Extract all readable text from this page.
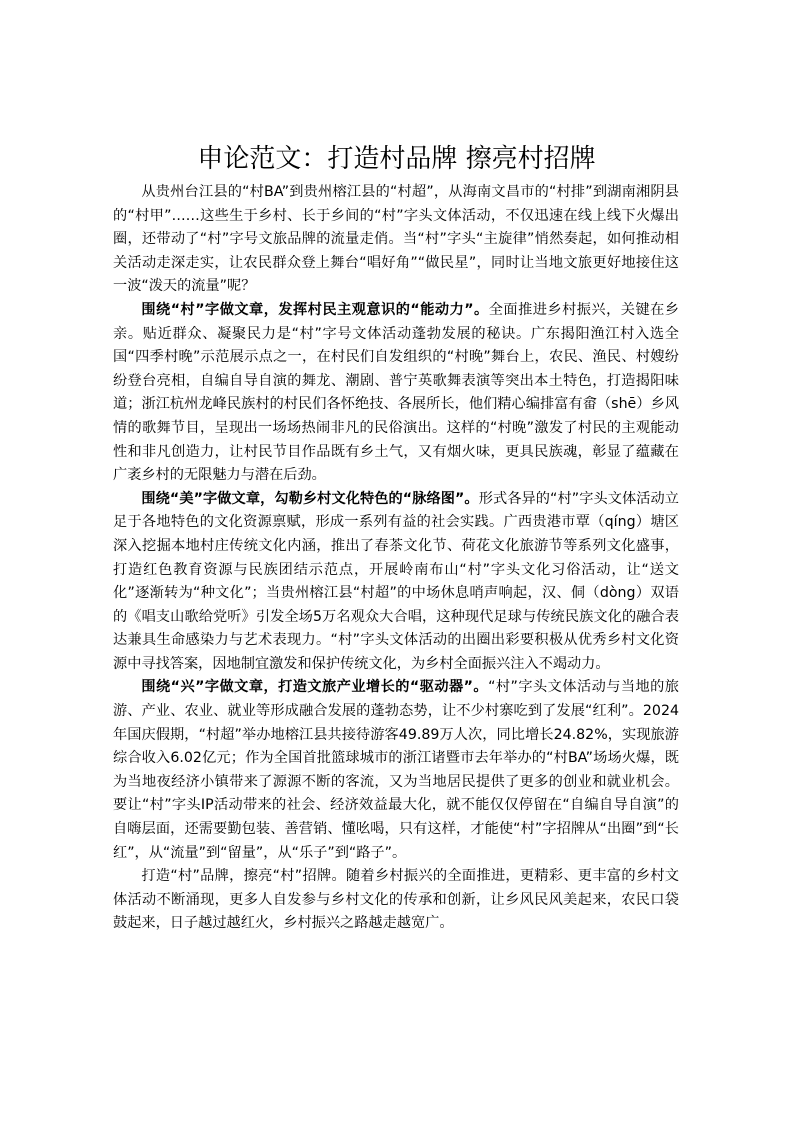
申论范文：打造村品牌 擦亮村招牌

从贵州台江县的“村BA”到贵州榕江县的“村超”，从海南文昌市的“村排”到湖南湘阴县的“村甲”……这些生于乡村、长于乡间的“村”字头文体活动，不仅迅速在线上线下火爆出圈，还带动了“村”字号文旅品牌的流量走俏。当“村”字头“主旋律”悄然奏起，如何推动相关活动走深走实，让农民群众登上舞台“唱好角”“做民星”，同时让当地文旅更好地接住这一波“泼天的流量”呢？

围绕“村”字做文章，发挥村民主观意识的“能动力”。全面推进乡村振兴，关键在乡亲。贴近群众、凝聚民力是“村”字号文体活动蓬勃发展的秘诀。广东揭阳渔江村入选全国“四季村晚”示范展示点之一，在村民们自发组织的“村晚”舞台上，农民、渔民、村嫂纷纷登台亮相，自编自导自演的舞龙、潮剧、普宁英歌舞表演等突出本土特色，打造揭阳味道；浙江杭州龙峰民族村的村民们各怀绝技、各展所长，他们精心编排富有畲（shē）乡风情的歌舞节目，呈现出一场场热闹非凡的民俗演出。这样的“村晚”激发了村民的主观能动性和非凡创造力，让村民节目作品既有乡土气，又有烟火味，更具民族魂，彰显了蕴藏在广袤乡村的无限魅力与潜在后劲。

围绕“美”字做文章，勾勒乡村文化特色的“脉络图”。形式各异的“村”字头文体活动立足于各地特色的文化资源禀赋，形成一系列有益的社会实践。广西贵港市覃（qíng）塘区深入挖掘本地村庄传统文化内涵，推出了春茶文化节、荷花文化旅游节等系列文化盛事，打造红色教育资源与民族团结示范点，开展岭南布山“村”字头文化习俗活动，让“送文化”逐渐转为“种文化”；当贵州榕江县“村超”的中场休息哨声响起，汉、侗（dòng）双语的《唱支山歌给党听》引发全场5万名观众大合唱，这种现代足球与传统民族文化的融合表达兼具生命感染力与艺术表现力。“村”字头文体活动的出圈出彩要积极从优秀乡村文化资源中寻找答案，因地制宜激发和保护传统文化，为乡村全面振兴注入不竭动力。

围绕“兴”字做文章，打造文旅产业增长的“驱动器”。“村”字头文体活动与当地的旅游、产业、农业、就业等形成融合发展的蓬勃态势，让不少村寨吃到了发展“红利”。2024年国庆假期，“村超”举办地榕江县共接待游客49.89万人次，同比增长24.82%，实现旅游综合收入6.02亿元；作为全国首批篮球城市的浙江诸暨市去年举办的“村BA”场场火爆，既为当地夜经济小镇带来了源源不断的客流，又为当地居民提供了更多的创业和就业机会。要让“村”字头IP活动带来的社会、经济效益最大化，就不能仅仅停留在“自编自导自演”的自嗨层面，还需要勤包装、善营销、懂吆喝，只有这样，才能使“村”字招牌从“出圈”到“长红”，从“流量”到“留量”，从“乐子”到“路子”。

打造“村”品牌，擦亮“村”招牌。随着乡村振兴的全面推进，更精彩、更丰富的乡村文体活动不断涌现，更多人自发参与乡村文化的传承和创新，让乡风民风美起来，农民口袋鼓起来，日子越过越红火，乡村振兴之路越走越宽广。
